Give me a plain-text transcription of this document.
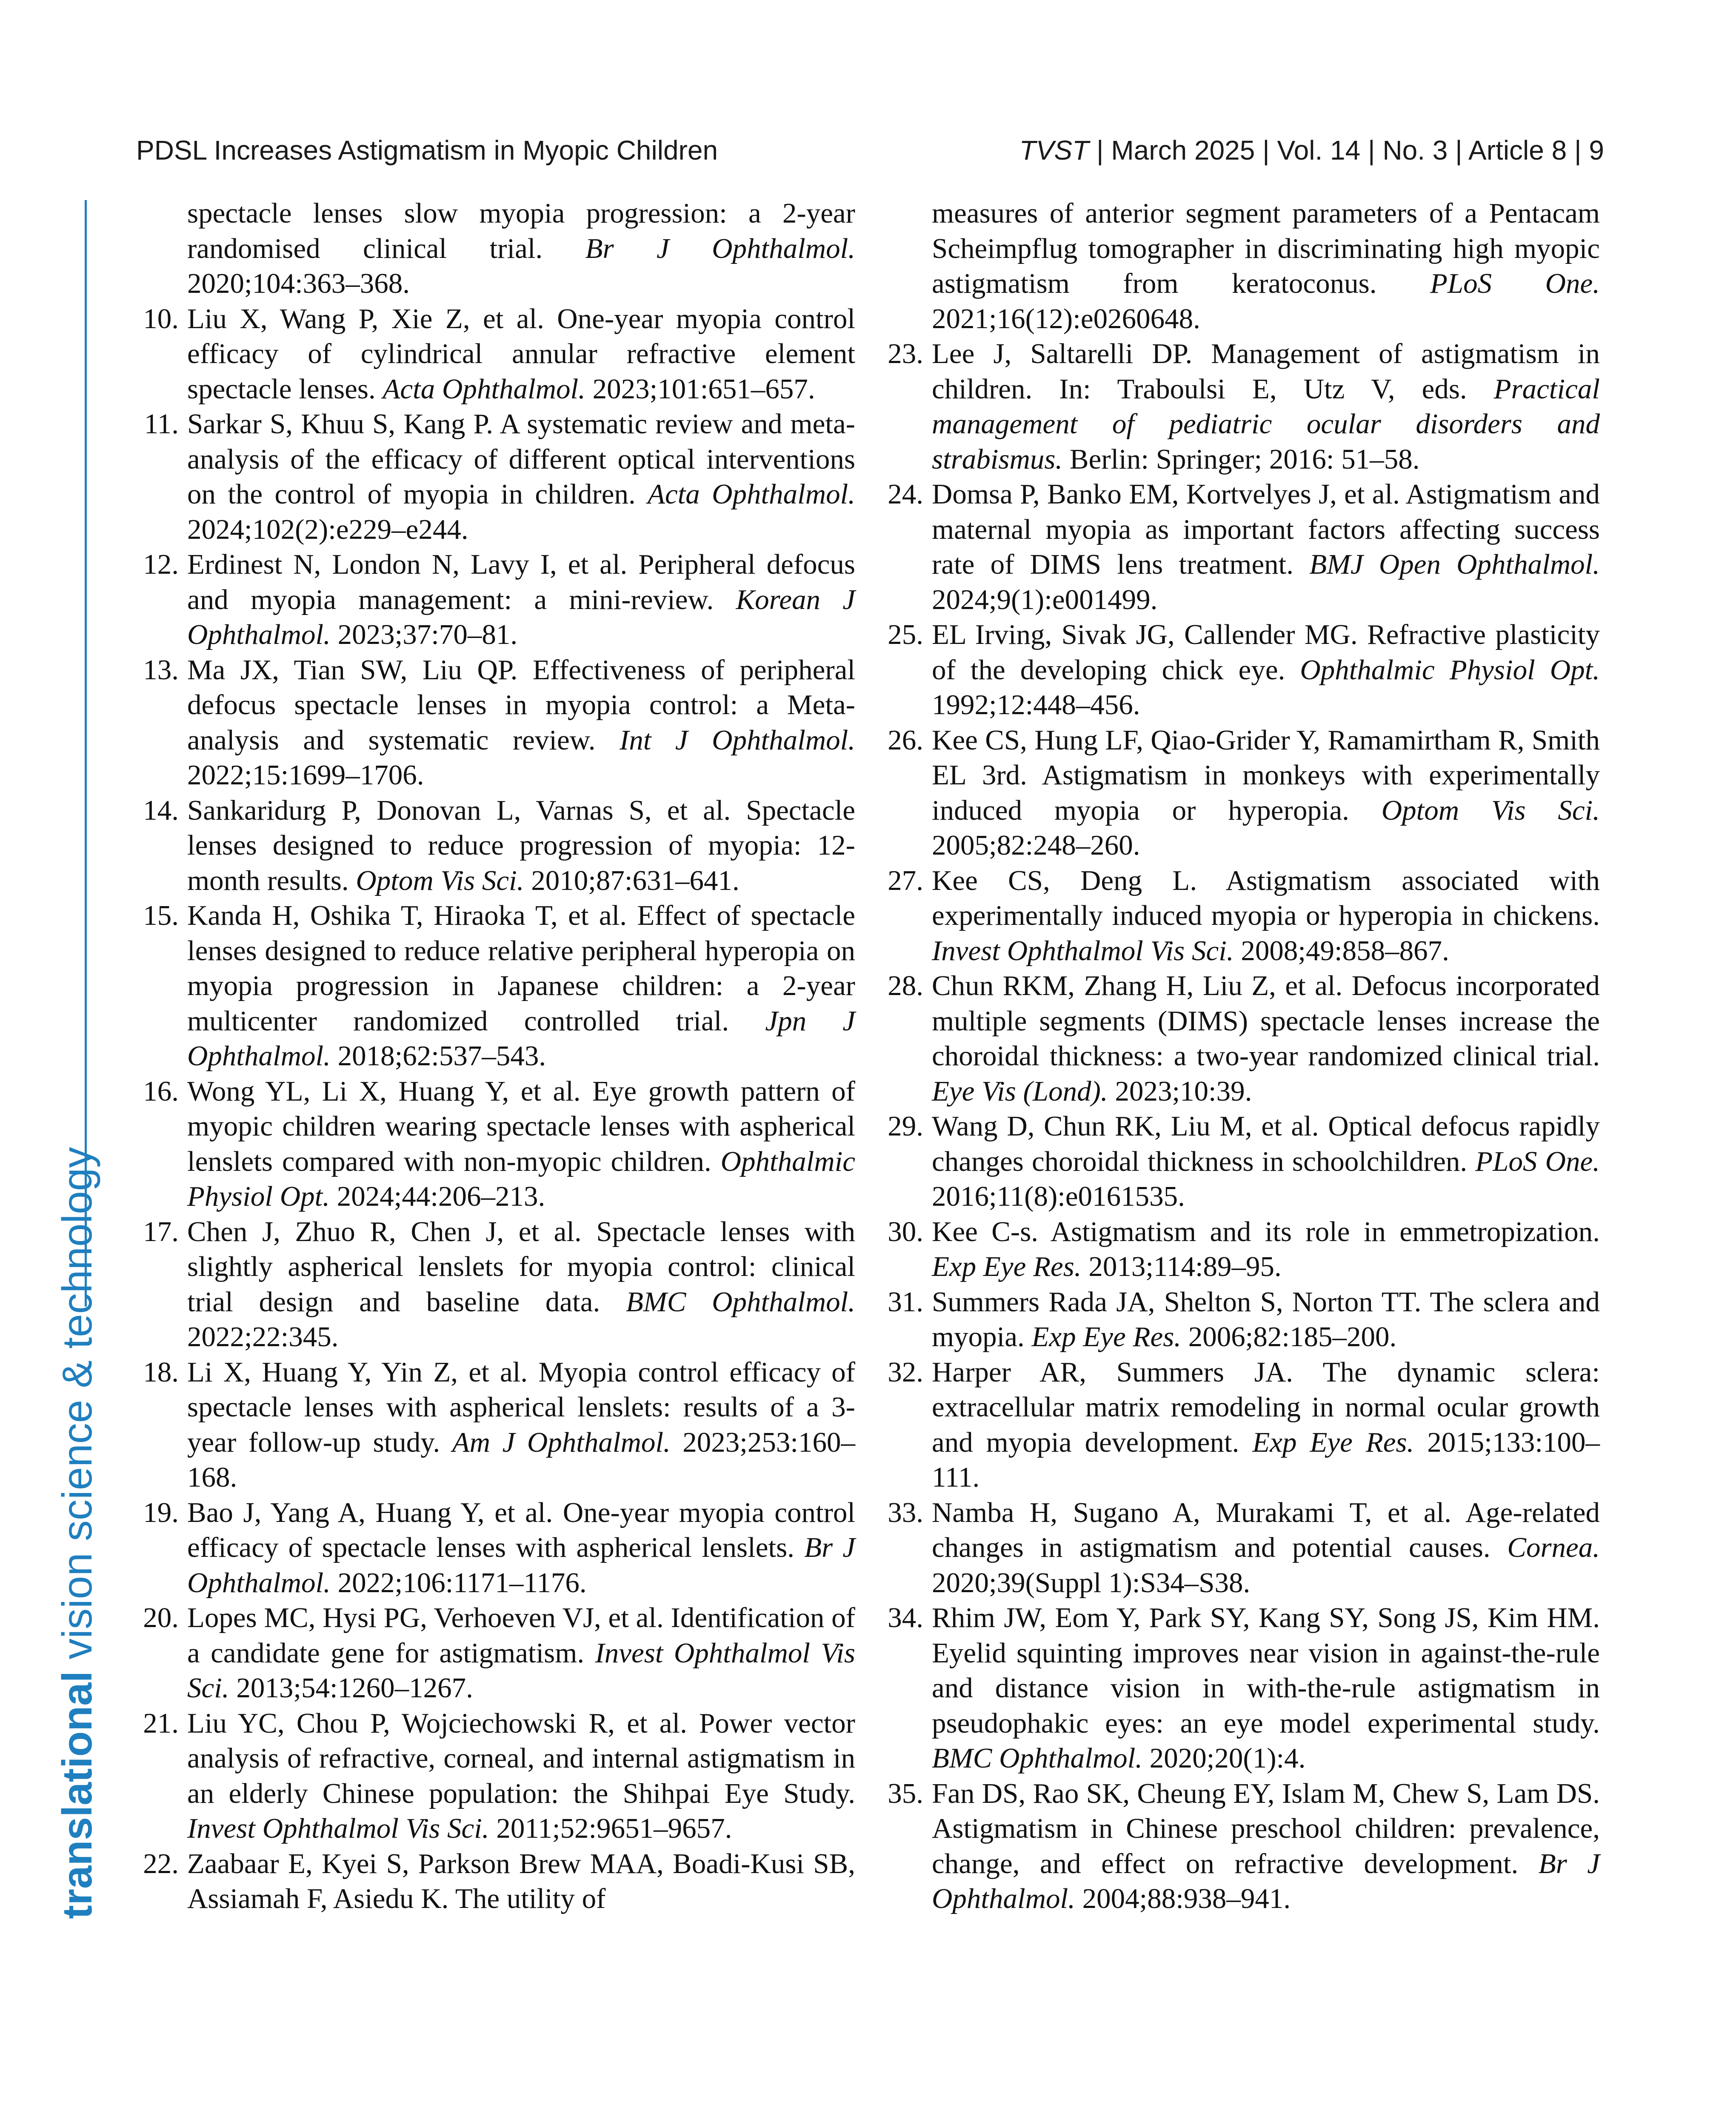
PDSL Increases Astigmatism in Myopic Children	TVST | March 2025 | Vol. 14 | No. 3 | Article 8 | 9
translational vision science & technology

spectacle lenses slow myopia progression: a 2-year randomised clinical trial. Br J Ophthalmol. 2020;104:363–368.

10 . Liu X, Wang P, Xie Z, et al. One-year myopia control efficacy of cylindrical annular refractive element spectacle lenses. Acta Ophthalmol. 2023;101:651–657.

11 . Sarkar S, Khuu S, Kang P. A systematic review and meta-analysis of the efficacy of different optical interventions on the control of myopia in children. Acta Ophthalmol. 2024;102(2):e229–e244.

12 . Erdinest N, London N, Lavy I, et al. Peripheral defocus and myopia management: a mini-review. Korean J Ophthalmol. 2023;37:70–81.

13 . Ma JX, Tian SW, Liu QP. Effectiveness of peripheral defocus spectacle lenses in myopia control: a Meta-analysis and systematic review. Int J Ophthalmol. 2022;15:1699–1706.

14 . Sankaridurg P, Donovan L, Varnas S, et al. Spectacle lenses designed to reduce progression of myopia: 12-month results. Optom Vis Sci. 2010;87:631–641.

15 . Kanda H, Oshika T, Hiraoka T, et al. Effect of spectacle lenses designed to reduce relative peripheral hyperopia on myopia progression in Japanese children: a 2-year multicenter randomized controlled trial. Jpn J Ophthalmol. 2018;62:537–543.

16 . Wong YL, Li X, Huang Y, et al. Eye growth pattern of myopic children wearing spectacle lenses with aspherical lenslets compared with non-myopic children. Ophthalmic Physiol Opt. 2024;44:206–213.

17 . Chen J, Zhuo R, Chen J, et al. Spectacle lenses with slightly aspherical lenslets for myopia control: clinical trial design and baseline data. BMC Ophthalmol. 2022;22:345.

18 . Li X, Huang Y, Yin Z, et al. Myopia control efficacy of spectacle lenses with aspherical lenslets: results of a 3-year follow-up study. Am J Ophthalmol. 2023;253:160–168.

19 . Bao J, Yang A, Huang Y, et al. One-year myopia control efficacy of spectacle lenses with aspherical lenslets. Br J Ophthalmol. 2022;106:1171–1176.

20 . Lopes MC, Hysi PG, Verhoeven VJ, et al. Identification of a candidate gene for astigmatism. Invest Ophthalmol Vis Sci. 2013;54:1260–1267.

21 . Liu YC, Chou P, Wojciechowski R, et al. Power vector analysis of refractive, corneal, and internal astigmatism in an elderly Chinese population: the Shihpai Eye Study. Invest Ophthalmol Vis Sci. 2011;52:9651–9657.

22 . Zaabaar E, Kyei S, Parkson Brew MAA, Boadi-Kusi SB, Assiamah F, Asiedu K. The utility of

measures of anterior segment parameters of a Pentacam Scheimpflug tomographer in discriminating high myopic astigmatism from keratoconus. PLoS One. 2021;16(12):e0260648.

23 . Lee J, Saltarelli DP. Management of astigmatism in children. In: Traboulsi E, Utz V, eds. Practical management of pediatric ocular disorders and strabismus. Berlin: Springer; 2016: 51–58.

24 . Domsa P, Banko EM, Kortvelyes J, et al. Astigmatism and maternal myopia as important factors affecting success rate of DIMS lens treatment. BMJ Open Ophthalmol. 2024;9(1):e001499.

25 . EL Irving, Sivak JG, Callender MG. Refractive plasticity of the developing chick eye. Ophthalmic Physiol Opt. 1992;12:448–456.

26 . Kee CS, Hung LF, Qiao-Grider Y, Ramamirtham R, Smith EL 3rd. Astigmatism in monkeys with experimentally induced myopia or hyperopia. Optom Vis Sci. 2005;82:248–260.

27 . Kee CS, Deng L. Astigmatism associated with experimentally induced myopia or hyperopia in chickens. Invest Ophthalmol Vis Sci. 2008;49:858–867.

28 . Chun RKM, Zhang H, Liu Z, et al. Defocus incorporated multiple segments (DIMS) spectacle lenses increase the choroidal thickness: a two-year randomized clinical trial. Eye Vis (Lond). 2023;10:39.

29 . Wang D, Chun RK, Liu M, et al. Optical defocus rapidly changes choroidal thickness in schoolchildren. PLoS One. 2016;11(8):e0161535.

30 . Kee C-s. Astigmatism and its role in emmetropization. Exp Eye Res. 2013;114:89–95.

31 . Summers Rada JA, Shelton S, Norton TT. The sclera and myopia. Exp Eye Res. 2006;82:185–200.

32 . Harper AR, Summers JA. The dynamic sclera: extracellular matrix remodeling in normal ocular growth and myopia development. Exp Eye Res. 2015;133:100–111.

33 . Namba H, Sugano A, Murakami T, et al. Age-related changes in astigmatism and potential causes. Cornea. 2020;39(Suppl 1):S34–S38.

34 . Rhim JW, Eom Y, Park SY, Kang SY, Song JS, Kim HM. Eyelid squinting improves near vision in against-the-rule and distance vision in with-the-rule astigmatism in pseudophakic eyes: an eye model experimental study. BMC Ophthalmol. 2020;20(1):4.

35 . Fan DS, Rao SK, Cheung EY, Islam M, Chew S, Lam DS. Astigmatism in Chinese preschool children: prevalence, change, and effect on refractive development. Br J Ophthalmol. 2004;88:938–941.
